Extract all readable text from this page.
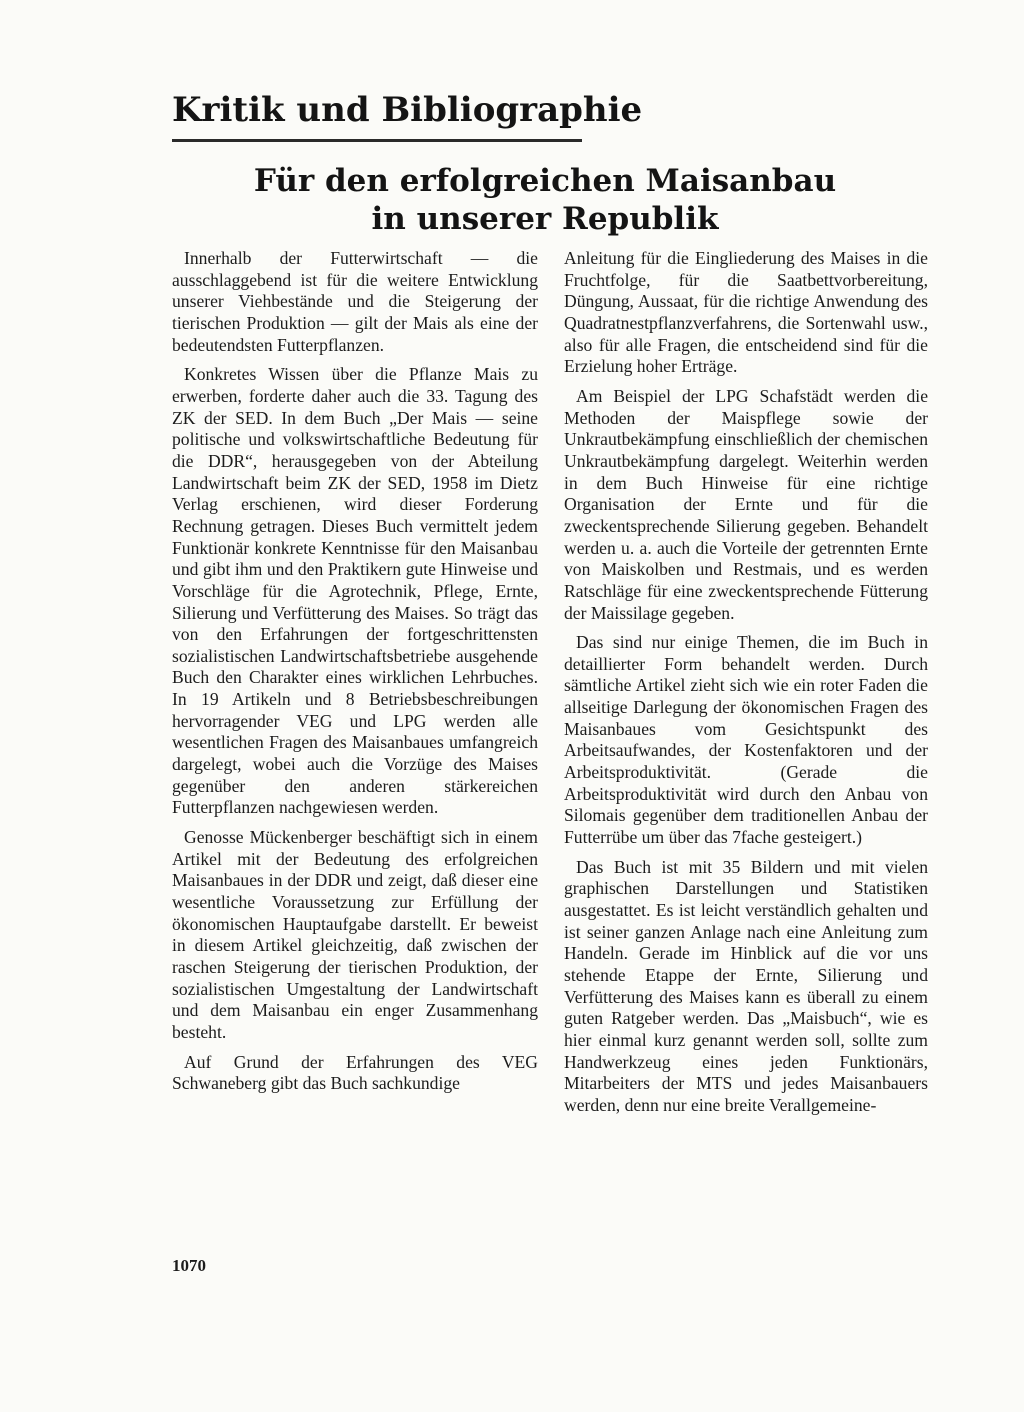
Kritik und Bibliographie
Für den erfolgreichen Maisanbau
in unserer Republik

Innerhalb der Futterwirtschaft — die ausschlaggebend ist für die weitere Entwicklung unserer Viehbestände und die Steigerung der tierischen Produktion — gilt der Mais als eine der bedeutendsten Futterpflanzen.

Konkretes Wissen über die Pflanze Mais zu erwerben, forderte daher auch die 33. Tagung des ZK der SED. In dem Buch „Der Mais — seine politische und volkswirtschaftliche Bedeutung für die DDR“, herausgegeben von der Abteilung Landwirtschaft beim ZK der SED, 1958 im Dietz Verlag erschienen, wird dieser Forderung Rechnung getragen. Dieses Buch vermittelt jedem Funktionär konkrete Kenntnisse für den Maisanbau und gibt ihm und den Praktikern gute Hinweise und Vorschläge für die Agrotechnik, Pflege, Ernte, Silierung und Verfütterung des Maises. So trägt das von den Erfahrungen der fortgeschrittensten sozialistischen Landwirtschaftsbetriebe ausgehende Buch den Charakter eines wirklichen Lehrbuches. In 19 Artikeln und 8 Betriebsbeschreibungen hervorragender VEG und LPG werden alle wesentlichen Fragen des Maisanbaues umfangreich dargelegt, wobei auch die Vorzüge des Maises gegenüber den anderen stärkereichen Futterpflanzen nachgewiesen werden.

Genosse Mückenberger beschäftigt sich in einem Artikel mit der Bedeutung des erfolgreichen Maisanbaues in der DDR und zeigt, daß dieser eine wesentliche Voraussetzung zur Erfüllung der ökonomischen Hauptaufgabe darstellt. Er beweist in diesem Artikel gleichzeitig, daß zwischen der raschen Steigerung der tierischen Produktion, der sozialistischen Umgestaltung der Landwirtschaft und dem Maisanbau ein enger Zusammenhang besteht.

Auf Grund der Erfahrungen des VEG Schwaneberg gibt das Buch sachkundige

Anleitung für die Eingliederung des Maises in die Fruchtfolge, für die Saatbettvorbereitung, Düngung, Aussaat, für die richtige Anwendung des Quadratnestpflanzverfahrens, die Sortenwahl usw., also für alle Fragen, die entscheidend sind für die Erzielung hoher Erträge.

Am Beispiel der LPG Schafstädt werden die Methoden der Maispflege sowie der Unkrautbekämpfung einschließlich der chemischen Unkrautbekämpfung dargelegt. Weiterhin werden in dem Buch Hinweise für eine richtige Organisation der Ernte und für die zweckentsprechende Silierung gegeben. Behandelt werden u. a. auch die Vorteile der getrennten Ernte von Maiskolben und Restmais, und es werden Ratschläge für eine zweckentsprechende Fütterung der Maissilage gegeben.

Das sind nur einige Themen, die im Buch in detaillierter Form behandelt werden. Durch sämtliche Artikel zieht sich wie ein roter Faden die allseitige Darlegung der ökonomischen Fragen des Maisanbaues vom Gesichtspunkt des Arbeitsaufwandes, der Kostenfaktoren und der Arbeitsproduktivität. (Gerade die Arbeitsproduktivität wird durch den Anbau von Silomais gegenüber dem traditionellen Anbau der Futterrübe um über das 7fache gesteigert.)

Das Buch ist mit 35 Bildern und mit vielen graphischen Darstellungen und Statistiken ausgestattet. Es ist leicht verständlich gehalten und ist seiner ganzen Anlage nach eine Anleitung zum Handeln. Gerade im Hinblick auf die vor uns stehende Etappe der Ernte, Silierung und Verfütterung des Maises kann es überall zu einem guten Ratgeber werden. Das „Maisbuch“, wie es hier einmal kurz genannt werden soll, sollte zum Handwerkzeug eines jeden Funktionärs, Mitarbeiters der MTS und jedes Maisanbauers werden, denn nur eine breite Verallgemeine-

1070
